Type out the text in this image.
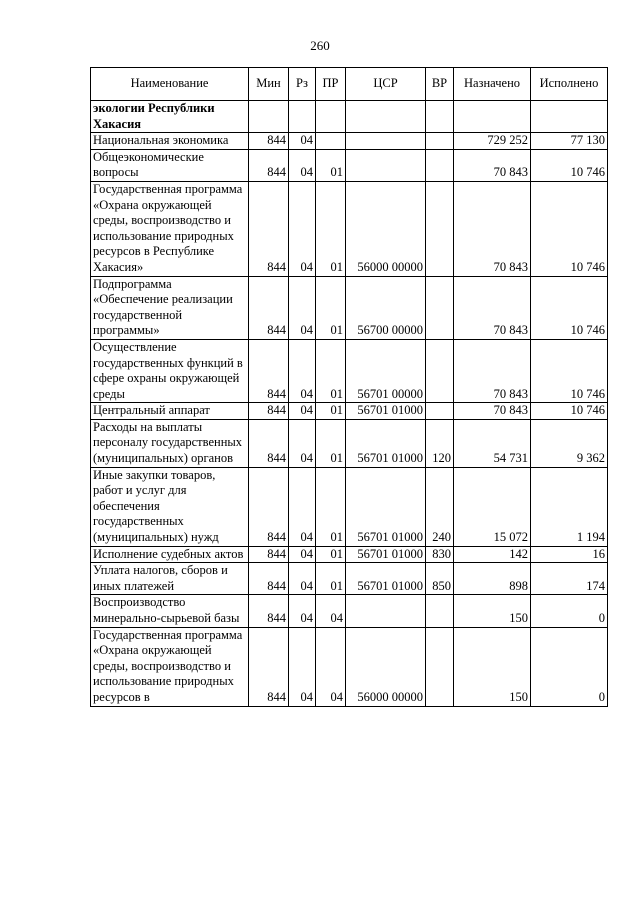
260
Наименование	Мин	Рз	ПР	ЦСР	ВР	Назначено	Исполнено
экологии Республики Хакасия							
Национальная экономика	844	04				729 252	77 130
Общеэкономические вопросы	844	04	01			70 843	10 746
Государственная программа «Охрана окружающей среды, воспроизводство и использование природных ресурсов в Республике Хакасия»	844	04	01	56000 00000		70 843	10 746
Подпрограмма «Обеспечение реализации государственной программы»	844	04	01	56700 00000		70 843	10 746
Осуществление государственных функций в сфере охраны окружающей среды	844	04	01	56701 00000		70 843	10 746
Центральный аппарат	844	04	01	56701 01000		70 843	10 746
Расходы на выплаты персоналу государственных (муниципальных) органов	844	04	01	56701 01000	120	54 731	9 362
Иные закупки товаров, работ и услуг для обеспечения государственных (муниципальных) нужд	844	04	01	56701 01000	240	15 072	1 194
Исполнение судебных актов	844	04	01	56701 01000	830	142	16
Уплата налогов, сборов и иных платежей	844	04	01	56701 01000	850	898	174
Воспроизводство минерально-сырьевой базы	844	04	04			150	0
Государственная программа «Охрана окружающей среды, воспроизводство и использование природных ресурсов в	844	04	04	56000 00000		150	0
